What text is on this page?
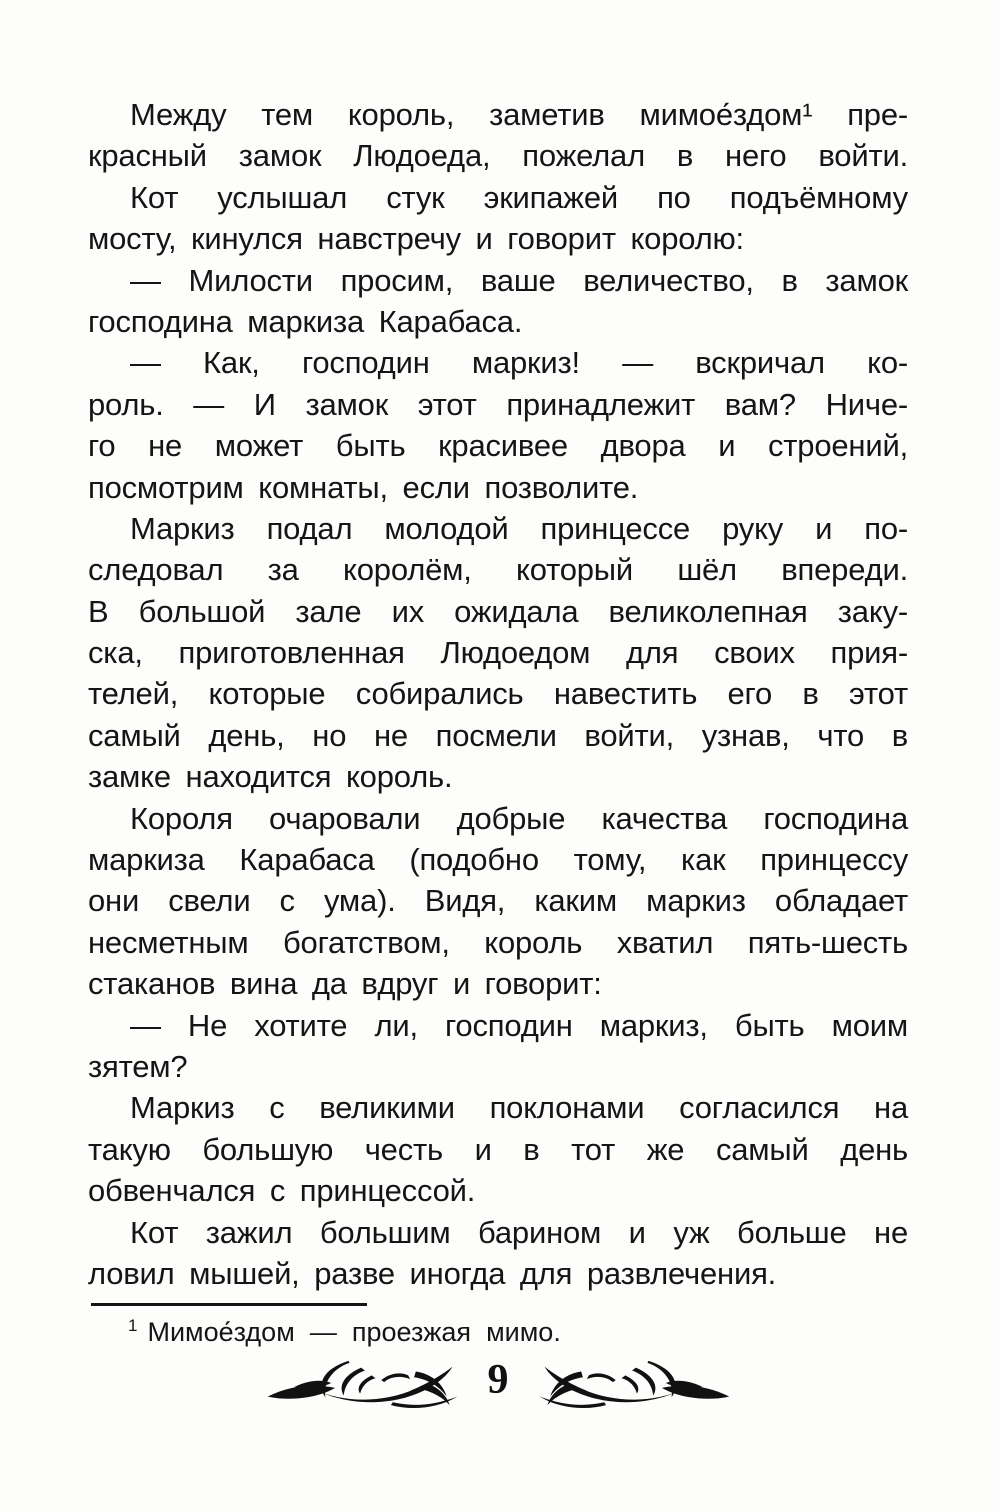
Между тем король, заметив мимое́здом¹ пре-
красный замок Людоеда, пожелал в него войти.
Кот услышал стук экипажей по подъёмному
мосту, кинулся навстречу и говорит королю:
— Милости просим, ваше величество, в замок
господина маркиза Карабаса.
— Как, господин маркиз! — вскричал ко-
роль. — И замок этот принадлежит вам? Ниче-
го не может быть красивее двора и строений,
посмотрим комнаты, если позволите.
Маркиз подал молодой принцессе руку и по-
следовал за королём, который шёл впереди.
В большой зале их ожидала великолепная заку-
ска, приготовленная Людоедом для своих прия-
телей, которые собирались навестить его в этот
самый день, но не посмели войти, узнав, что в
замке находится король.
Короля очаровали добрые качества господина
маркиза Карабаса (подобно тому, как принцессу
они свели с ума). Видя, каким маркиз обладает
несметным богатством, король хватил пять-шесть
стаканов вина да вдруг и говорит:
— Не хотите ли, господин маркиз, быть моим
зятем?
Маркиз с великими поклонами согласился на
такую большую честь и в тот же самый день
обвенчался с принцессой.
Кот зажил большим барином и уж больше не
ловил мышей, разве иногда для развлечения.
$^1$ Мимое́здом — проезжая мимо.
9
